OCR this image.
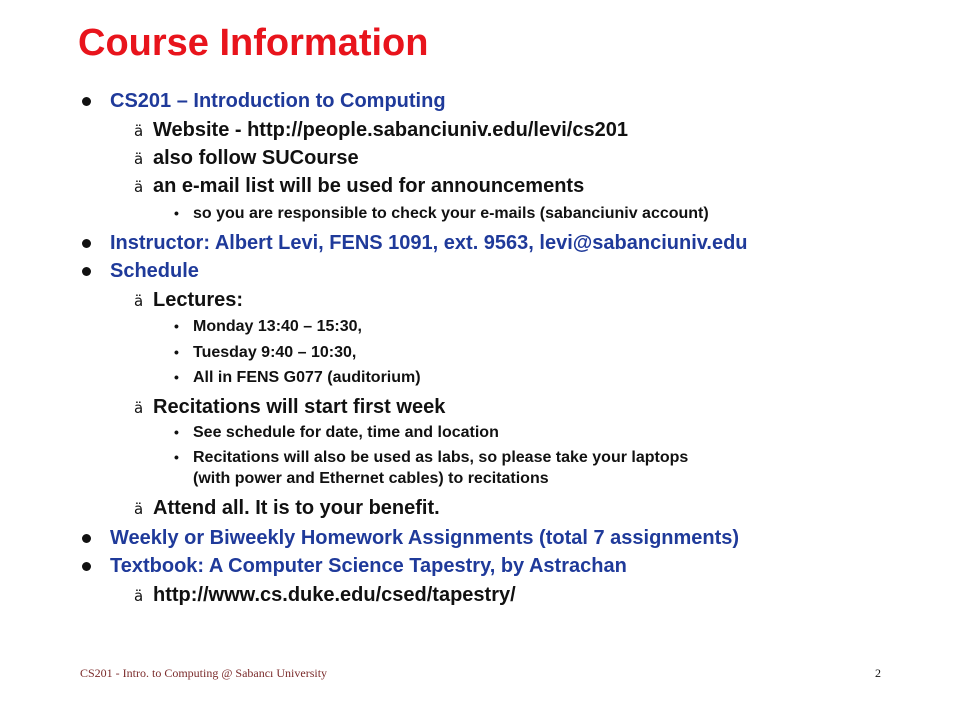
Course Information
CS201 – Introduction to Computing
ä Website - http://people.sabanciuniv.edu/levi/cs201
ä also follow SUCourse
ä an e-mail list will be used for announcements
• so you are responsible to check your e-mails (sabanciuniv account)
Instructor: Albert Levi, FENS 1091, ext. 9563, levi@sabanciuniv.edu
Schedule
ä Lectures:
• Monday 13:40 – 15:30,
• Tuesday 9:40 – 10:30,
• All in FENS G077 (auditorium)
ä Recitations will start first week
• See schedule for date, time and location
• Recitations will also be used as labs, so please take your laptops
(with power and Ethernet cables) to recitations
ä Attend all. It is to your benefit.
Weekly or Biweekly Homework Assignments (total 7 assignments)
Textbook: A Computer Science Tapestry, by Astrachan
ä http://www.cs.duke.edu/csed/tapestry/
CS201 - Intro. to Computing @ Sabancı University	2
